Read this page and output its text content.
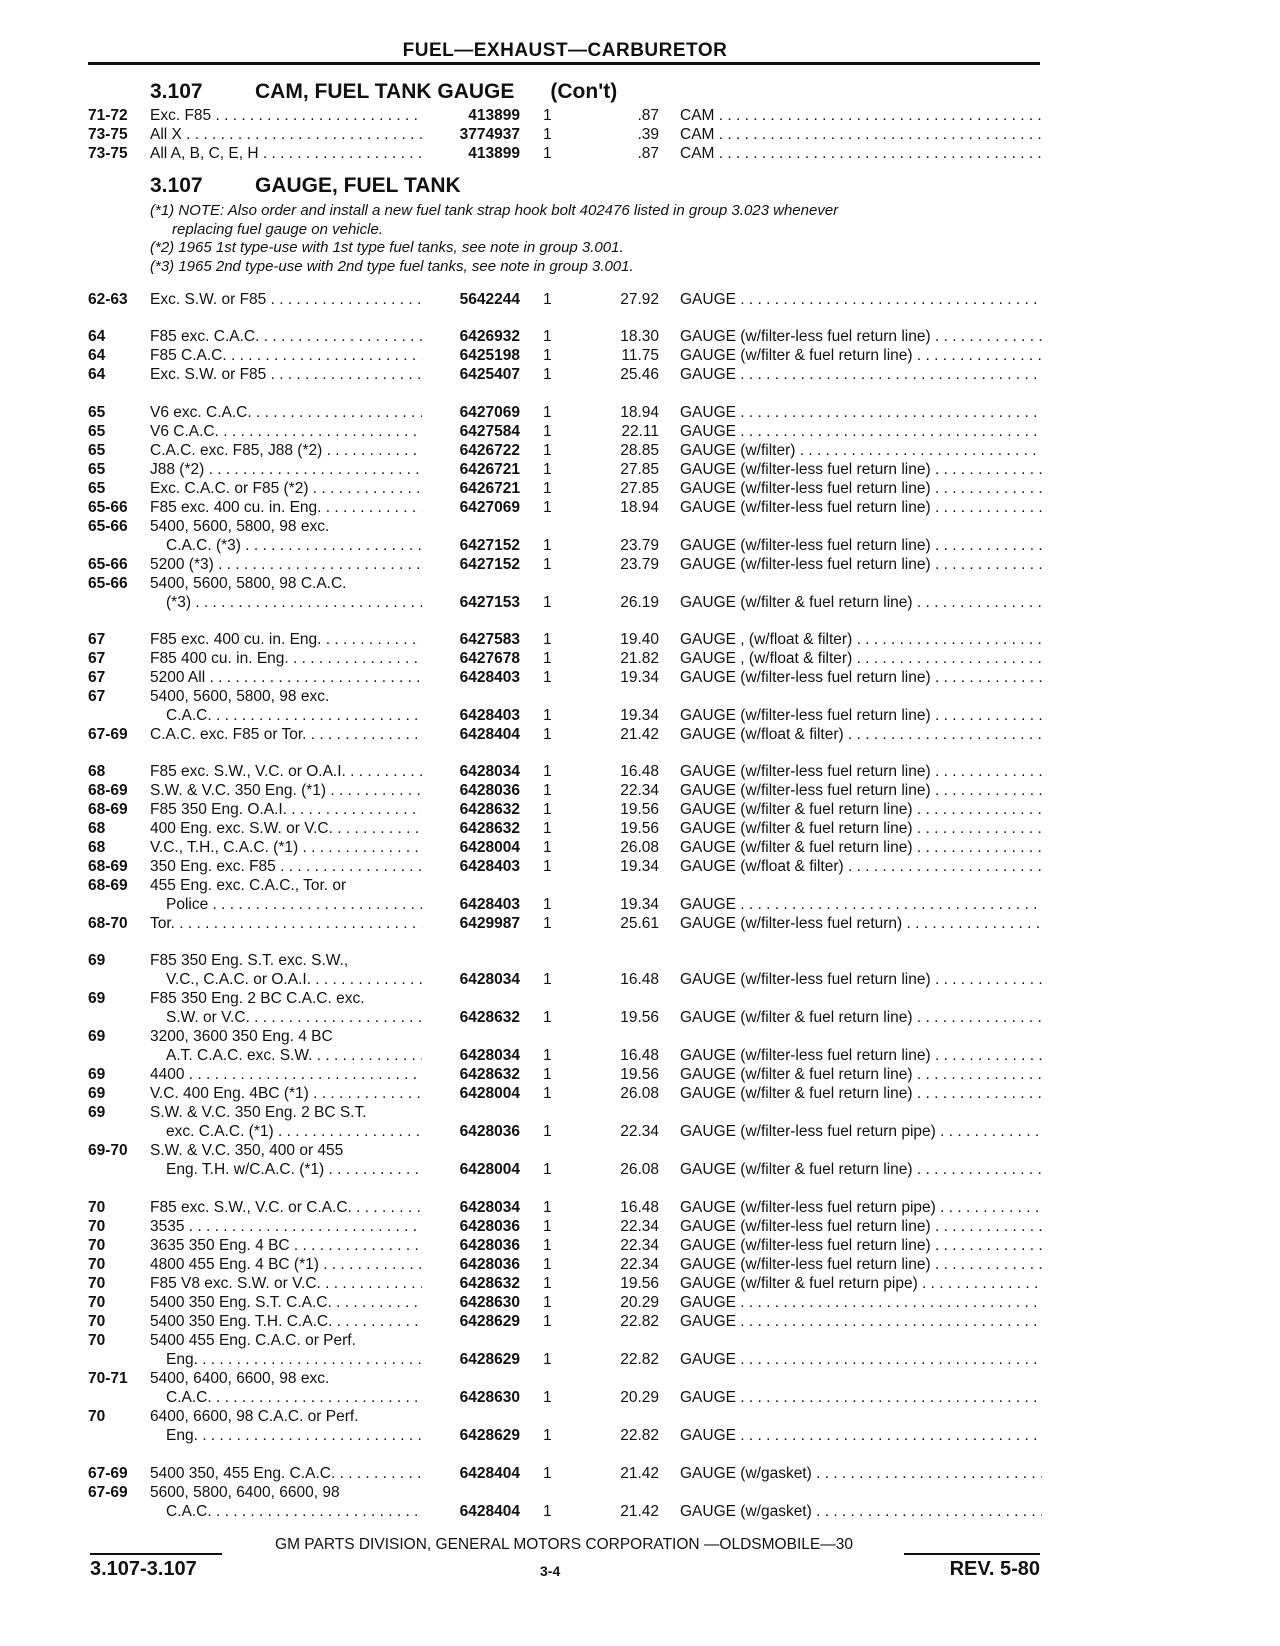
FUEL—EXHAUST—CARBURETOR
3.107 CAM, FUEL TANK GAUGE (Con't)
3.107 GAUGE, FUEL TANK
(*1) NOTE: Also order and install a new fuel tank strap hook bolt 402476 listed in group 3.023 whenever
replacing fuel gauge on vehicle.
(*2) 1965 1st type-use with 1st type fuel tanks, see note in group 3.001.
(*3) 1965 2nd type-use with 2nd type fuel tanks, see note in group 3.001.
71-72 Exc. F85 . . .	413899 1	.87 CAM . . .
73-75 All X . . .	3774937 1	.39 CAM . . .
73-75 All A, B, C, E, H . . .	413899 1	.87 CAM . . .
62-63 Exc. S.W. or F85 . . .	5642244 1	27.92 GAUGE . . .
64	F85 exc. C.A.C. . . .	6426932 1	18.30 GAUGE (w/filter-less fuel return line) . . .
64	F85 C.A.C. . . .	6425198 1	11.75 GAUGE (w/filter & fuel return line) . . .
64	Exc. S.W. or F85 . . .	6425407 1	25.46 GAUGE . . .
65	V6 exc. C.A.C. . . .	6427069 1	18.94 GAUGE . . .
65	V6 C.A.C. . . .	6427584 1	22.11 GAUGE . . .
65	C.A.C. exc. F85, J88 (*2) . . .	6426722 1	28.85 GAUGE (w/filter) . . .
65	J88 (*2) . . .	6426721 1	27.85 GAUGE (w/filter-less fuel return line) . . .
65	Exc. C.A.C. or F85 (*2) . . .	6426721 1	27.85 GAUGE (w/filter-less fuel return line) . . .
65-66 F85 exc. 400 cu. in. Eng. . . .	6427069 1	18.94 GAUGE (w/filter-less fuel return line) . . .
65-66 5400, 5600, 5800, 98 exc.
C.A.C. (*3) . . .	6427152 1	23.79 GAUGE (w/filter-less fuel return line) . . .
65-66 5200 (*3) . . .	6427152 1	23.79 GAUGE (w/filter-less fuel return line) . . .
65-66 5400, 5600, 5800, 98 C.A.C.
(*3) . . .	6427153 1	26.19 GAUGE (w/filter & fuel return line) . . .
67	F85 exc. 400 cu. in. Eng. . . .	6427583 1	19.40 GAUGE , (w/float & filter) . . .
67	F85 400 cu. in. Eng. . . .	6427678 1	21.82 GAUGE , (w/float & filter) . . .
67	5200 All . . .	6428403 1	19.34 GAUGE (w/filter-less fuel return line) . . .
67	5400, 5600, 5800, 98 exc.
C.A.C. . . .	6428403 1	19.34 GAUGE (w/filter-less fuel return line) . . .
67-69 C.A.C. exc. F85 or Tor. . . .	6428404 1	21.42 GAUGE (w/float & filter) . . .
68	F85 exc. S.W., V.C. or O.A.I. . . .	6428034 1	16.48 GAUGE (w/filter-less fuel return line) . . .
68-69 S.W. & V.C. 350 Eng. (*1) . . .	6428036 1	22.34 GAUGE (w/filter-less fuel return line) . . .
68-69 F85 350 Eng. O.A.I. . . .	6428632 1	19.56 GAUGE (w/filter & fuel return line) . . .
68	400 Eng. exc. S.W. or V.C. . . .	6428632 1	19.56 GAUGE (w/filter & fuel return line) . . .
68	V.C., T.H., C.A.C. (*1) . . .	6428004 1	26.08 GAUGE (w/filter & fuel return line) . . .
68-69 350 Eng. exc. F85 . . .	6428403 1	19.34 GAUGE (w/float & filter) . . .
68-69 455 Eng. exc. C.A.C., Tor. or
Police . . .	6428403 1	19.34 GAUGE . . .
68-70 Tor. . . .	6429987 1	25.61 GAUGE (w/filter-less fuel return) . . .
69	F85 350 Eng. S.T. exc. S.W.,
V.C., C.A.C. or O.A.I. . . .	6428034 1	16.48 GAUGE (w/filter-less fuel return line) . . .
69	F85 350 Eng. 2 BC C.A.C. exc.
S.W. or V.C. . . .	6428632 1	19.56 GAUGE (w/filter & fuel return line) . . .
69	3200, 3600 350 Eng. 4 BC
A.T. C.A.C. exc. S.W. . . .	6428034 1	16.48 GAUGE (w/filter-less fuel return line) . . .
69	4400 . . .	6428632 1	19.56 GAUGE (w/filter & fuel return line) . . .
69	V.C. 400 Eng. 4BC (*1) . . .	6428004 1	26.08 GAUGE (w/filter & fuel return line) . . .
69	S.W. & V.C. 350 Eng. 2 BC S.T.
exc. C.A.C. (*1) . . .	6428036 1	22.34 GAUGE (w/filter-less fuel return pipe) . . .
69-70 S.W. & V.C. 350, 400 or 455
Eng. T.H. w/C.A.C. (*1) . . .	6428004 1	26.08 GAUGE (w/filter & fuel return line) . . .
70	F85 exc. S.W., V.C. or C.A.C. . . .	6428034 1	16.48 GAUGE (w/filter-less fuel return pipe) . . .
70	3535 . . .	6428036 1	22.34 GAUGE (w/filter-less fuel return line) . . .
70	3635 350 Eng. 4 BC . . .	6428036 1	22.34 GAUGE (w/filter-less fuel return line) . . .
70	4800 455 Eng. 4 BC (*1) . . .	6428036 1	22.34 GAUGE (w/filter-less fuel return line) . . .
70	F85 V8 exc. S.W. or V.C. . . .	6428632 1	19.56 GAUGE (w/filter & fuel return pipe) . . .
70	5400 350 Eng. S.T. C.A.C. . . .	6428630 1	20.29 GAUGE . . .
70	5400 350 Eng. T.H. C.A.C. . . .	6428629 1	22.82 GAUGE . . .
70	5400 455 Eng. C.A.C. or Perf.
Eng. . . .	6428629 1	22.82 GAUGE . . .
70-71 5400, 6400, 6600, 98 exc.
C.A.C. . . .	6428630 1	20.29 GAUGE . . .
70	6400, 6600, 98 C.A.C. or Perf.
Eng. . . .	6428629 1	22.82 GAUGE . . .
67-69 5400 350, 455 Eng. C.A.C. . . .	6428404 1	21.42 GAUGE (w/gasket) . . .
67-69 5600, 5800, 6400, 6600, 98
C.A.C. . . .	6428404 1	21.42 GAUGE (w/gasket) . . .
GM PARTS DIVISION, GENERAL MOTORS CORPORATION —OLDSMOBILE—30
3.107-3.107	3-4	REV. 5-80
